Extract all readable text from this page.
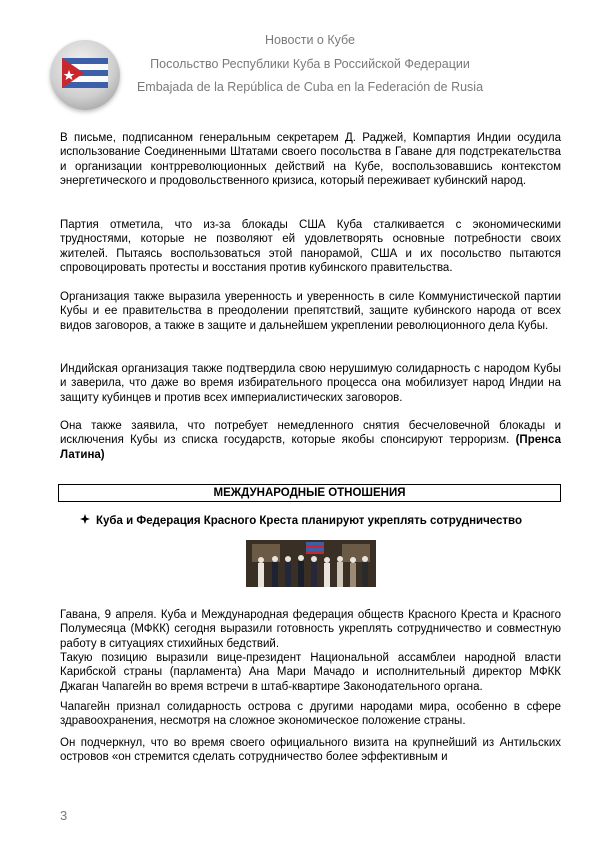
Новости о Кубе
Посольство Республики Куба в Российской Федерации
Embajada de la República de Cuba en la Federación de Rusia
В письме, подписанном генеральным секретарем Д. Раджей, Компартия Индии осудила использование Соединенными Штатами своего посольства в Гаване для подстрекательства и организации контрреволюционных действий на Кубе, воспользовавшись контекстом энергетического и продовольственного кризиса, который переживает кубинский народ.
Партия отметила, что из-за блокады США Куба сталкивается с экономическими трудностями, которые не позволяют ей удовлетворять основные потребности своих жителей. Пытаясь воспользоваться этой панорамой, США и их посольство пытаются спровоцировать протесты и восстания против кубинского правительства.
Организация также выразила уверенность и уверенность в силе Коммунистической партии Кубы и ее правительства в преодолении препятствий, защите кубинского народа от всех видов заговоров, а также в защите и дальнейшем укреплении революционного дела Кубы.
Индийская организация также подтвердила свою нерушимую солидарность с народом Кубы и заверила, что даже во время избирательного процесса она мобилизует народ Индии на защиту кубинцев и против всех империалистических заговоров.
Она также заявила, что потребует немедленного снятия бесчеловечной блокады и исключения Кубы из списка государств, которые якобы спонсируют терроризм. (Пренса Латина)
МЕЖДУНАРОДНЫЕ ОТНОШЕНИЯ
Куба и Федерация Красного Креста планируют укреплять сотрудничество
Гавана, 9 апреля. Куба и Международная федерация обществ Красного Креста и Красного Полумесяца (МФКК) сегодня выразили готовность укреплять сотрудничество и совместную работу в ситуациях стихийных бедствий.
Такую позицию выразили вице-президент Национальной ассамблеи народной власти Карибской страны (парламента) Ана Мари Мачадо и исполнительный директор МФКК Джаган Чапагейн во время встречи в штаб-квартире Законодательного органа.
Чапагейн признал солидарность острова с другими народами мира, особенно в сфере здравоохранения, несмотря на сложное экономическое положение страны.
Он подчеркнул, что во время своего официального визита на крупнейший из Антильских островов «он стремится сделать сотрудничество более эффективным и
3
